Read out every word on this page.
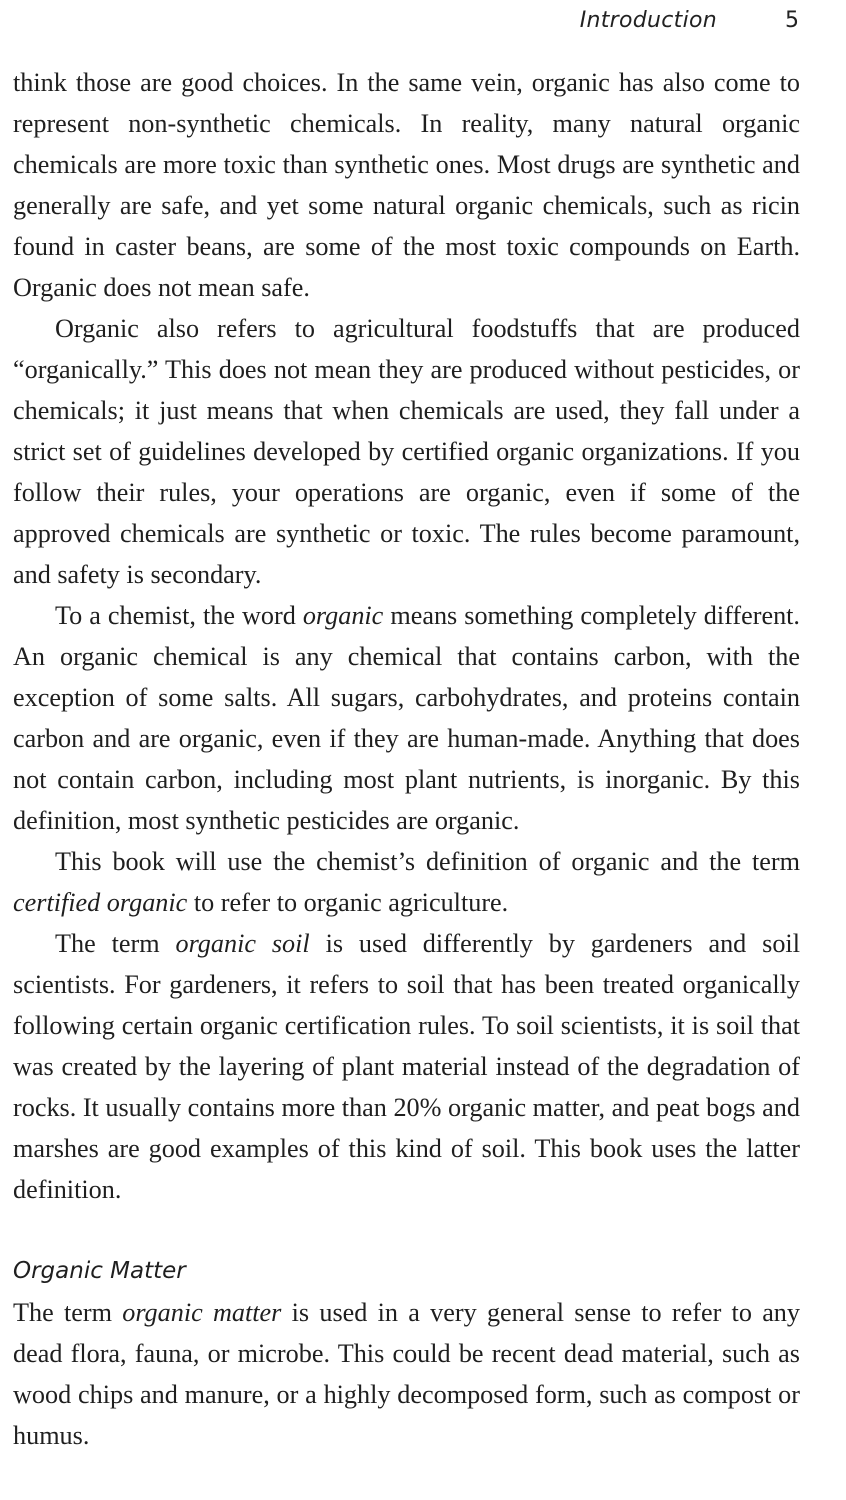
Introduction	5

think those are good choices. In the same vein, organic has also come to represent non-synthetic chemicals. In reality, many natural organic chemicals are more toxic than synthetic ones. Most drugs are synthetic and generally are safe, and yet some natural organic chemicals, such as ricin found in caster beans, are some of the most toxic compounds on Earth. Organic does not mean safe.

Organic also refers to agricultural foodstuffs that are produced “organically.” This does not mean they are produced without pesticides, or chemicals; it just means that when chemicals are used, they fall under a strict set of guidelines developed by certified organic organizations. If you follow their rules, your operations are organic, even if some of the approved chemicals are synthetic or toxic. The rules become paramount, and safety is secondary.

To a chemist, the word organic means something completely different. An organic chemical is any chemical that contains carbon, with the exception of some salts. All sugars, carbohydrates, and proteins contain carbon and are organic, even if they are human-made. Anything that does not contain carbon, including most plant nutrients, is inorganic. By this definition, most synthetic pesticides are organic.

This book will use the chemist’s definition of organic and the term certified organic to refer to organic agriculture.

The term organic soil is used differently by gardeners and soil scientists. For gardeners, it refers to soil that has been treated organically following certain organic certification rules. To soil scientists, it is soil that was created by the layering of plant material instead of the degradation of rocks. It usually contains more than 20% organic matter, and peat bogs and marshes are good examples of this kind of soil. This book uses the latter definition.

Organic Matter

The term organic matter is used in a very general sense to refer to any dead flora, fauna, or microbe. This could be recent dead material, such as wood chips and manure, or a highly decomposed form, such as compost or humus.
